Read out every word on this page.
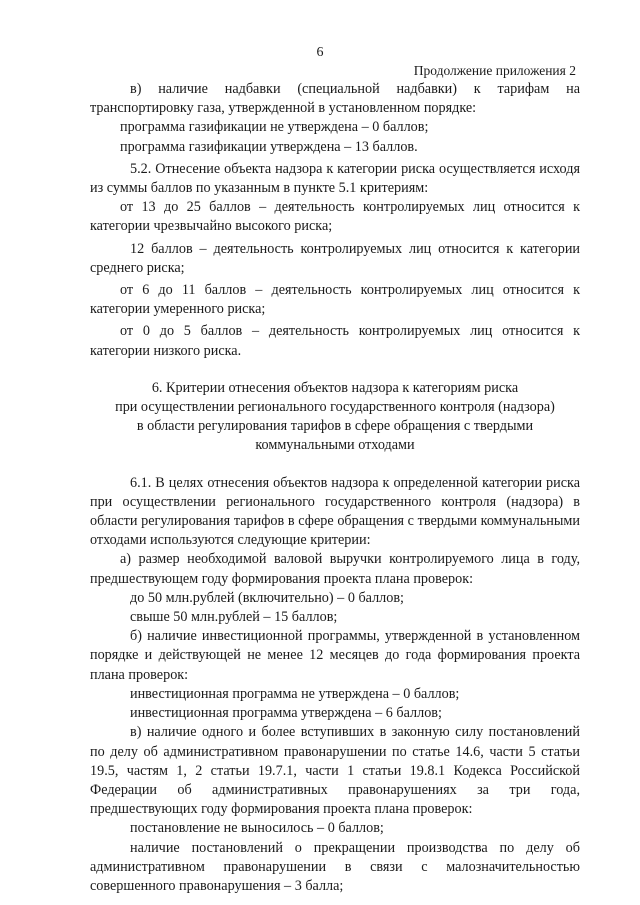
6
Продолжение приложения 2

в) наличие надбавки (специальной надбавки) к тарифам на транспортировку газа, утвержденной в установленном порядке:

программа газификации не утверждена – 0 баллов;

программа газификации утверждена – 13 баллов.

5.2. Отнесение объекта надзора к категории риска осуществляется исходя из суммы баллов по указанным в пункте 5.1 критериям:

от 13 до 25 баллов – деятельность контролируемых лиц относится к категории чрезвычайно высокого риска;

12 баллов – деятельность контролируемых лиц относится к категории среднего риска;

от 6 до 11 баллов – деятельность контролируемых лиц относится к категории умеренного риска;

от 0 до 5 баллов – деятельность контролируемых лиц относится к категории низкого риска.

6. Критерии отнесения объектов надзора к категориям риска
при осуществлении регионального государственного контроля (надзора)
в области регулирования тарифов в сфере обращения с твердыми
коммунальными отходами

6.1. В целях отнесения объектов надзора к определенной категории риска при осуществлении регионального государственного контроля (надзора) в области регулирования тарифов в сфере обращения с твердыми коммунальными отходами используются следующие критерии:

а) размер необходимой валовой выручки контролируемого лица в году, предшествующем году формирования проекта плана проверок:

до 50 млн.рублей (включительно) – 0 баллов;

свыше 50 млн.рублей – 15 баллов;

б) наличие инвестиционной программы, утвержденной в установленном порядке и действующей не менее 12 месяцев до года формирования проекта плана проверок:

инвестиционная программа не утверждена – 0 баллов;

инвестиционная программа утверждена – 6 баллов;

в) наличие одного и более вступивших в законную силу постановлений по делу об административном правонарушении по статье 14.6, части 5 статьи 19.5, частям 1, 2 статьи 19.7.1, части 1 статьи 19.8.1 Кодекса Российской Федерации об административных правонарушениях за три года, предшествующих году формирования проекта плана проверок:

постановление не выносилось – 0 баллов;

наличие постановлений о прекращении производства по делу об административном правонарушении в связи с малозначительностью совершенного правонарушения – 3 балла;
